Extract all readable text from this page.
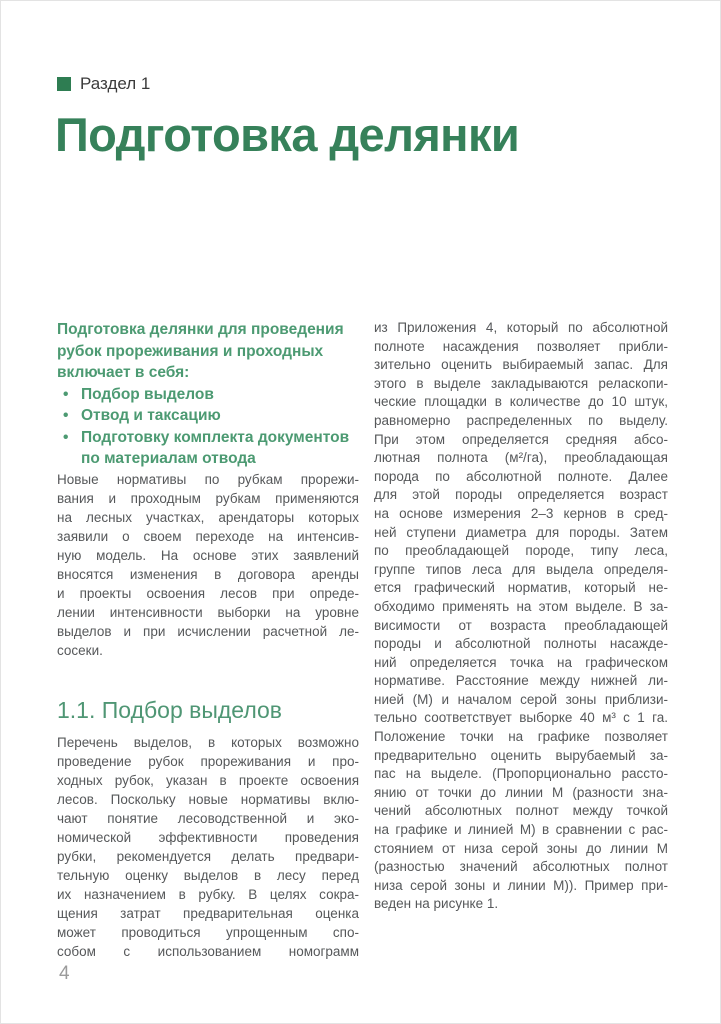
Раздел 1
Подготовка делянки
Подготовка делянки для проведения
рубок прореживания и проходных
включает в себя:
• Подбор выделов
• Отвод и таксацию
• Подготовку комплекта документов по материалам отвода
Новые нормативы по рубкам прорежи-
вания и проходным рубкам применяются
на лесных участках, арендаторы которых
заявили о своем переходе на интенсив-
ную модель. На основе этих заявлений
вносятся изменения в договора аренды
и проекты освоения лесов при опреде-
лении интенсивности выборки на уровне
выделов и при исчислении расчетной ле-
сосеки.
1.1. Подбор выделов
Перечень выделов, в которых возможно
проведение рубок прореживания и про-
ходных рубок, указан в проекте освоения
лесов. Поскольку новые нормативы вклю-
чают понятие лесоводственной и эко-
номической эффективности проведения
рубки, рекомендуется делать предвари-
тельную оценку выделов в лесу перед
их назначением в рубку. В целях сокра-
щения затрат предварительная оценка
может проводиться упрощенным спо-
собом с использованием номограмм
из Приложения 4, который по абсолютной
полноте насаждения позволяет прибли-
зительно оценить выбираемый запас. Для
этого в выделе закладываются реласкопи-
ческие площадки в количестве до 10 штук,
равномерно распределенных по выделу.
При этом определяется средняя абсо-
лютная полнота (м²/га), преобладающая
порода по абсолютной полноте. Далее
для этой породы определяется возраст
на основе измерения 2–3 кернов в сред-
ней ступени диаметра для породы. Затем
по преобладающей породе, типу леса,
группе типов леса для выдела определя-
ется графический норматив, который не-
обходимо применять на этом выделе. В за-
висимости от возраста преобладающей
породы и абсолютной полноты насажде-
ний определяется точка на графическом
нормативе. Расстояние между нижней ли-
нией (М) и началом серой зоны приблизи-
тельно соответствует выборке 40 м³ с 1 га.
Положение точки на графике позволяет
предварительно оценить вырубаемый за-
пас на выделе. (Пропорционально рассто-
янию от точки до линии М (разности зна-
чений абсолютных полнот между точкой
на графике и линией М) в сравнении с рас-
стоянием от низа серой зоны до линии М
(разностью значений абсолютных полнот
низа серой зоны и линии М)). Пример при-
веден на рисунке 1.
4
